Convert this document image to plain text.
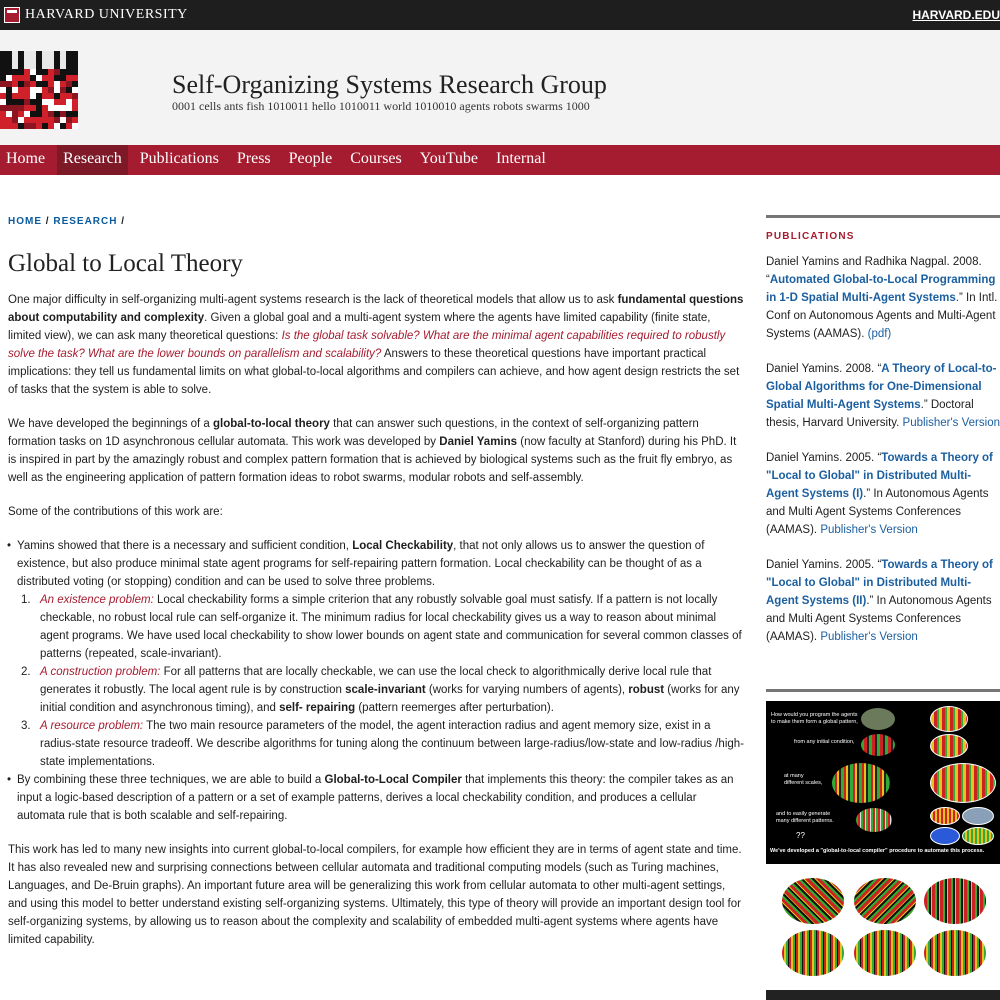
HARVARD UNIVERSITY	HARVARD.EDU
Self-Organizing Systems Research Group
0001 cells ants fish 1010011 hello 1010011 world 1010010 agents robots swarms 1000
Home	Research	Publications	Press	People	Courses	YouTube	Internal
HOME / RESEARCH /
Global to Local Theory

One major difficulty in self-organizing multi-agent systems research is the lack of theoretical models that allow us to ask fundamental questions about computability and complexity. Given a global goal and a multi-agent system where the agents have limited capability (finite state, limited view), we can ask many theoretical questions: Is the global task solvable? What are the minimal agent capabilities required to robustly solve the task? What are the lower bounds on parallelism and scalability? Answers to these theoretical questions have important practical implications: they tell us fundamental limits on what global-to-local algorithms and compilers can achieve, and how agent design restricts the set of tasks that the system is able to solve.

We have developed the beginnings of a global-to-local theory that can answer such questions, in the context of self-organizing pattern formation tasks on 1D asynchronous cellular automata. This work was developed by Daniel Yamins (now faculty at Stanford) during his PhD. It is inspired in part by the amazingly robust and complex pattern formation that is achieved by biological systems such as the fruit fly embryo, as well as the engineering application of pattern formation ideas to robot swarms, modular robots and self-assembly.

Some of the contributions of this work are:

• Yamins showed that there is a necessary and sufficient condition, Local Checkability, that not only allows us to answer the question of existence, but also produce minimal state agent programs for self-repairing pattern formation. Local checkability can be thought of as a distributed voting (or stopping) condition and can be used to solve three problems.
1. An existence problem: Local checkability forms a simple criterion that any robustly solvable goal must satisfy. If a pattern is not locally checkable, no robust local rule can self-organize it. The minimum radius for local checkability gives us a way to reason about minimal agent programs. We have used local checkability to show lower bounds on agent state and communication for several common classes of patterns (repeated, scale-invariant).
2. A construction problem: For all patterns that are locally checkable, we can use the local check to algorithmically derive local rule that generates it robustly. The local agent rule is by construction scale-invariant (works for varying numbers of agents), robust (works for any initial condition and asynchronous timing), and self- repairing (pattern reemerges after perturbation).
3. A resource problem: The two main resource parameters of the model, the agent interaction radius and agent memory size, exist in a radius-state resource tradeoff. We describe algorithms for tuning along the continuum between large-radius/low-state and low-radius /high-state implementations.
• By combining these three techniques, we are able to build a Global-to-Local Compiler that implements this theory: the compiler takes as an input a logic-based description of a pattern or a set of example patterns, derives a local checkability condition, and produces a cellular automata rule that is both scalable and self-repairing.

This work has led to many new insights into current global-to-local compilers, for example how efficient they are in terms of agent state and time. It has also revealed new and surprising connections between cellular automata and traditional computing models (such as Turing machines, Languages, and De-Bruin graphs). An important future area will be generalizing this work from cellular automata to other multi-agent settings, and using this model to better understand existing self-organizing systems. Ultimately, this type of theory will provide an important design tool for self-organizing systems, by allowing us to reason about the complexity and scalability of embedded multi-agent systems where agents have limited capability.

PUBLICATIONS
Daniel Yamins and Radhika Nagpal. 2008. “Automated Global-to-Local Programming in 1-D Spatial Multi-Agent Systems.” In Intl. Conf on Autonomous Agents and Multi-Agent Systems (AAMAS). (pdf)
Daniel Yamins. 2008. “A Theory of Local-to-Global Algorithms for One-Dimensional Spatial Multi-Agent Systems.” Doctoral thesis, Harvard University. Publisher's Version
Daniel Yamins. 2005. “Towards a Theory of "Local to Global" in Distributed Multi-Agent Systems (I).” In Autonomous Agents and Multi Agent Systems Conferences (AAMAS). Publisher's Version
Daniel Yamins. 2005. “Towards a Theory of "Local to Global" in Distributed Multi-Agent Systems (II).” In Autonomous Agents and Multi Agent Systems Conferences (AAMAS). Publisher's Version
How would you program the agents to make them form a global pattern,
from any initial condition,
at many different scales,
and to easily generate many different patterns.
??
We've developed a "global-to-local compiler" procedure to automate this process.
